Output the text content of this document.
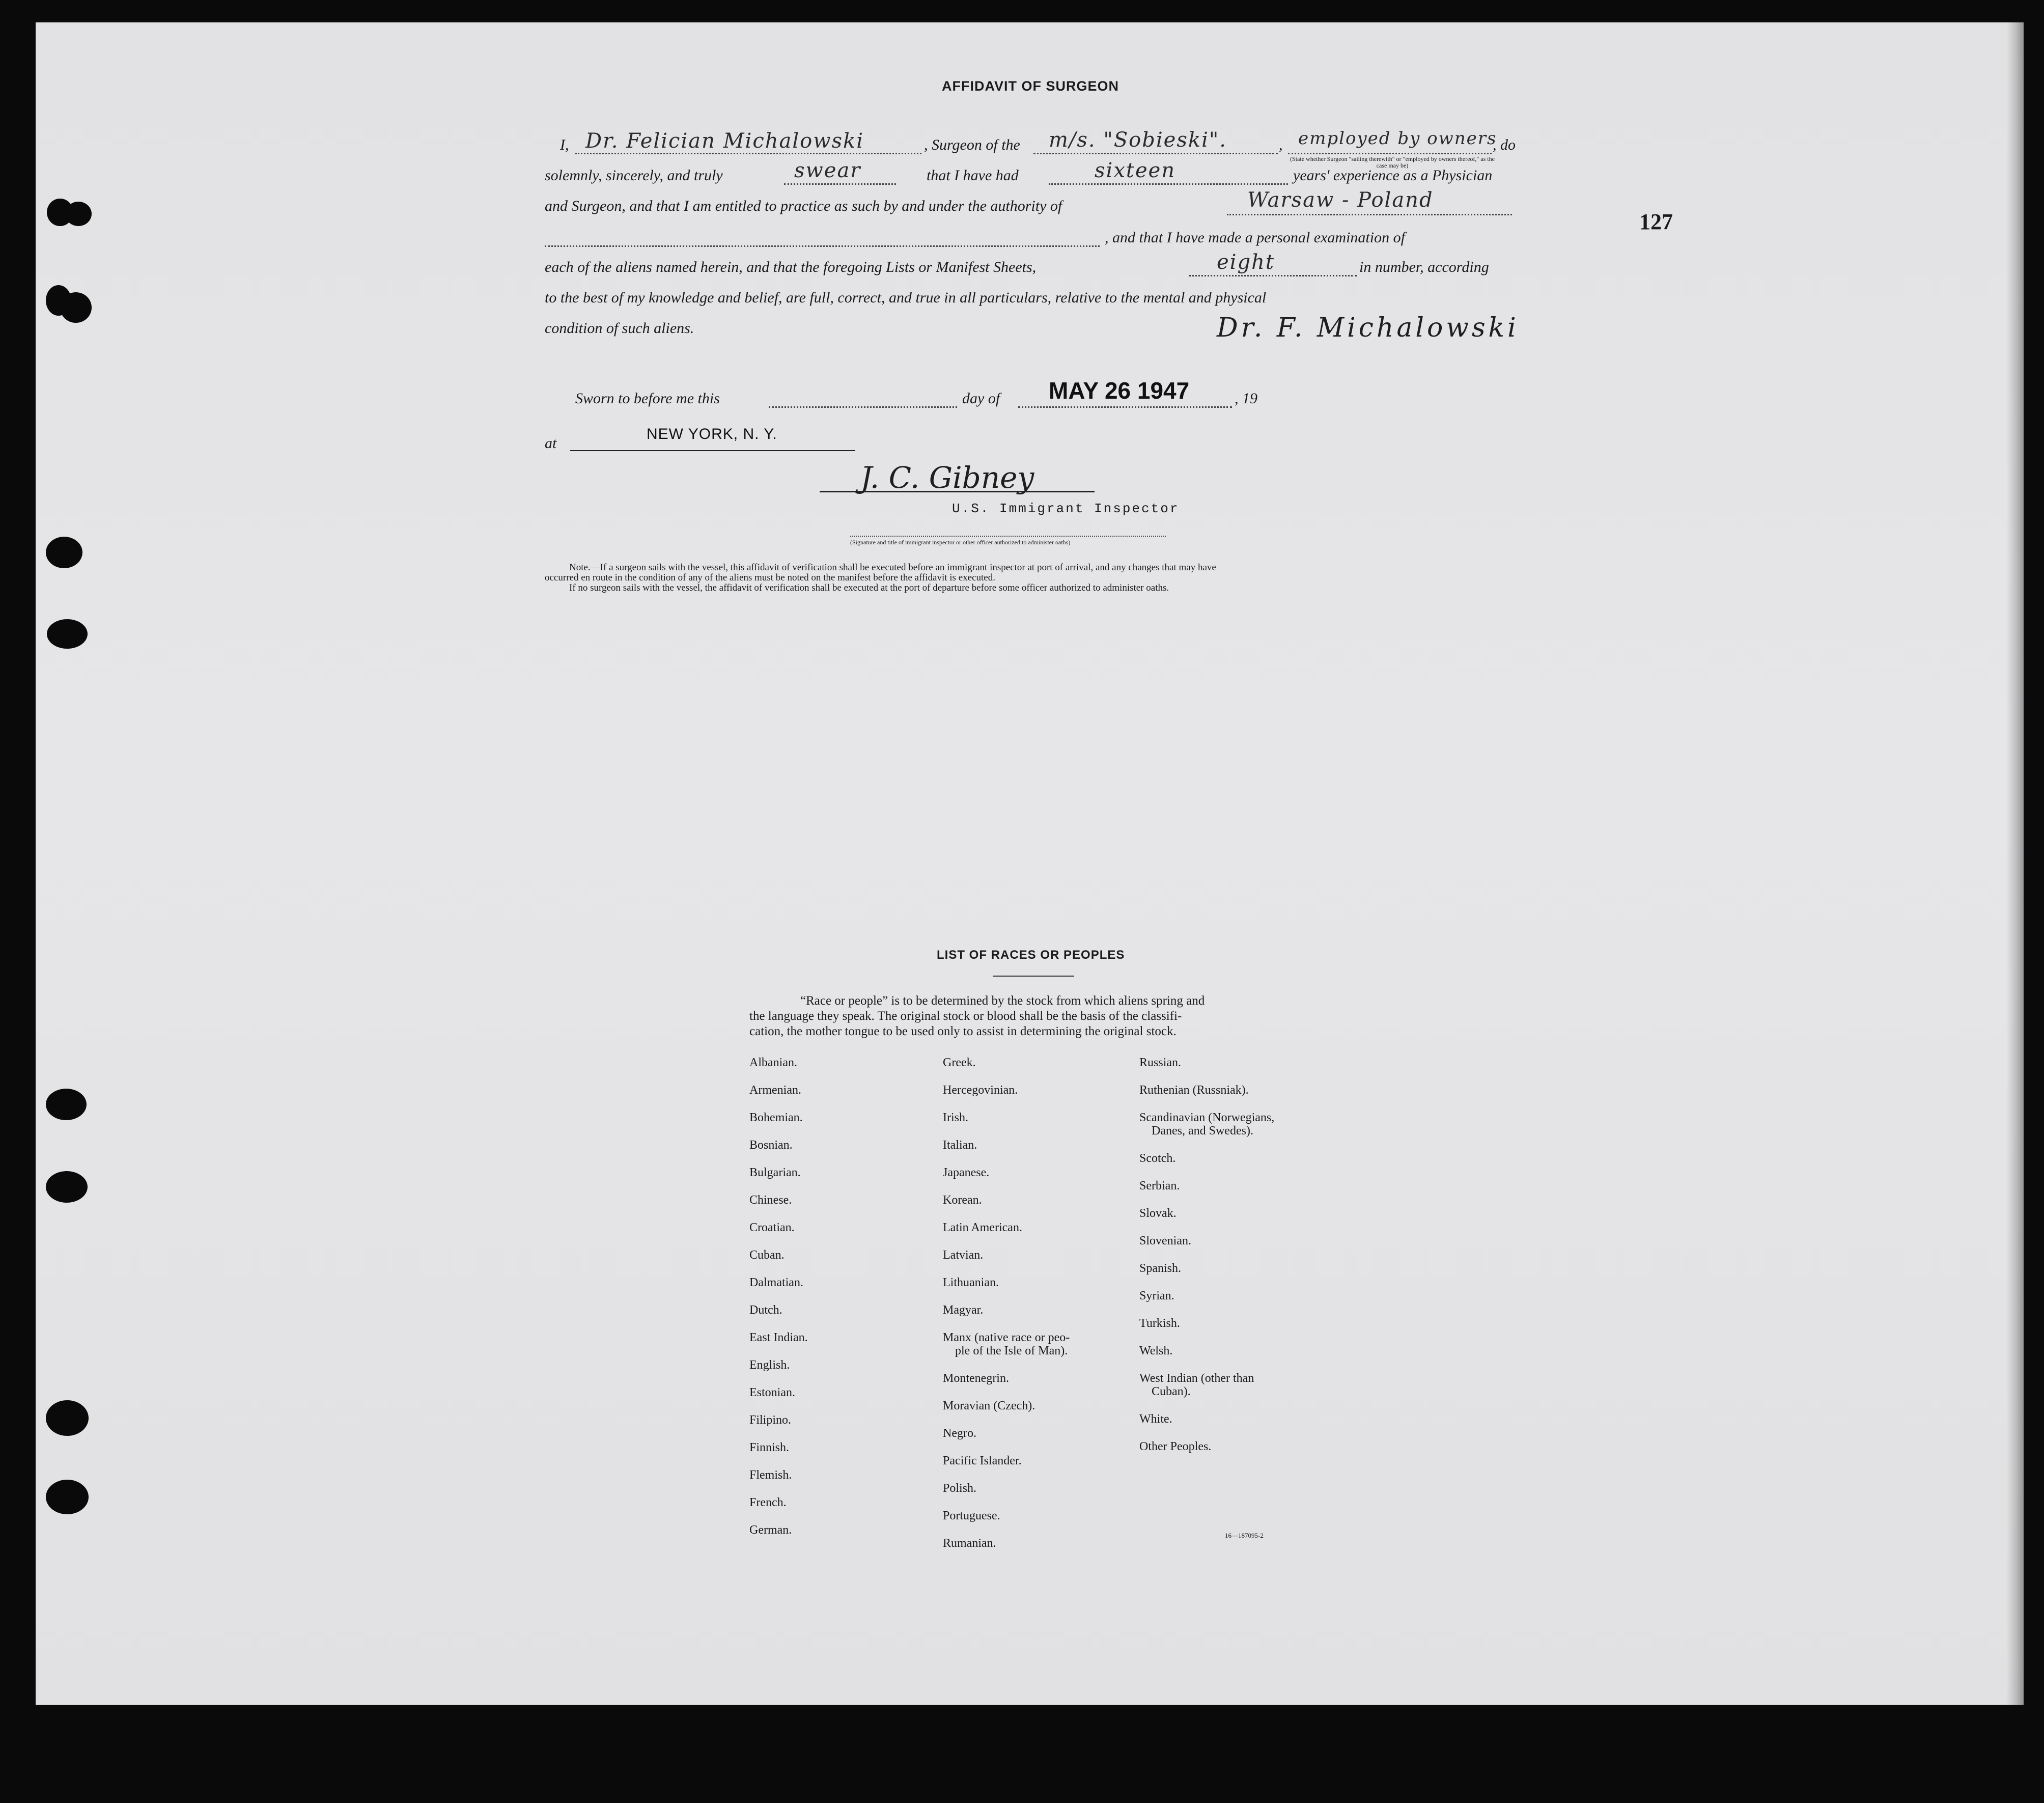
127
AFFIDAVIT OF SURGEON
I, Dr. Felician Michalowski	, Surgeon of the m/s. "Sobieski".	, employed by owners
, do
(State whether Surgeon "sailing therewith" or "employed by owners thereof," as the case may be)
solemnly, sincerely, and truly	swear	that I have had	sixteen	years' experience as a Physician
and Surgeon, and that I am entitled to practice as such by and under the authority of	Warsaw - Poland
, and that I have made a personal examination of
each of the aliens named herein, and that the foregoing Lists or Manifest Sheets,	eight	in number, according
to the best of my knowledge and belief, are full, correct, and true in all particulars, relative to the mental and physical
condition of such aliens.	Dr. F. Michalowski
Sworn to before me this	day of MAY 26 1947	, 19
at
NEW YORK, N. Y.
J. C. Gibney
U.S. Immigrant Inspector
(Signature and title of immigrant inspector or other officer authorized to administer oaths)
Note.—If a surgeon sails with the vessel, this affidavit of verification shall be executed before an immigrant inspector at port of arrival, and any changes that may have
occurred en route in the condition of any of the aliens must be noted on the manifest before the affidavit is executed.
If no surgeon sails with the vessel, the affidavit of verification shall be executed at the port of departure before some officer authorized to administer oaths.
LIST OF RACES OR PEOPLES
“Race or people” is to be determined by the stock from which aliens spring and
the language they speak. The original stock or blood shall be the basis of the classifi-
cation, the mother tongue to be used only to assist in determining the original stock.
Albanian.
Armenian.
Bohemian.
Bosnian.
Bulgarian.
Chinese.
Croatian.
Cuban.
Dalmatian.
Dutch.
East Indian.
English.
Estonian.
Filipino.
Finnish.
Flemish.
French.
German.
Greek.
Hercegovinian.
Irish.
Italian.
Japanese.
Korean.
Latin American.
Latvian.
Lithuanian.
Magyar.
Manx (native race or peo-
ple of the Isle of Man).
Montenegrin.
Moravian (Czech).
Negro.
Pacific Islander.
Polish.
Portuguese.
Rumanian.
Russian.
Ruthenian (Russniak).
Scandinavian (Norwegians,
Danes, and Swedes).
Scotch.
Serbian.
Slovak.
Slovenian.
Spanish.
Syrian.
Turkish.
Welsh.
West Indian (other than
Cuban).
White.
Other Peoples.
16—187095-2
